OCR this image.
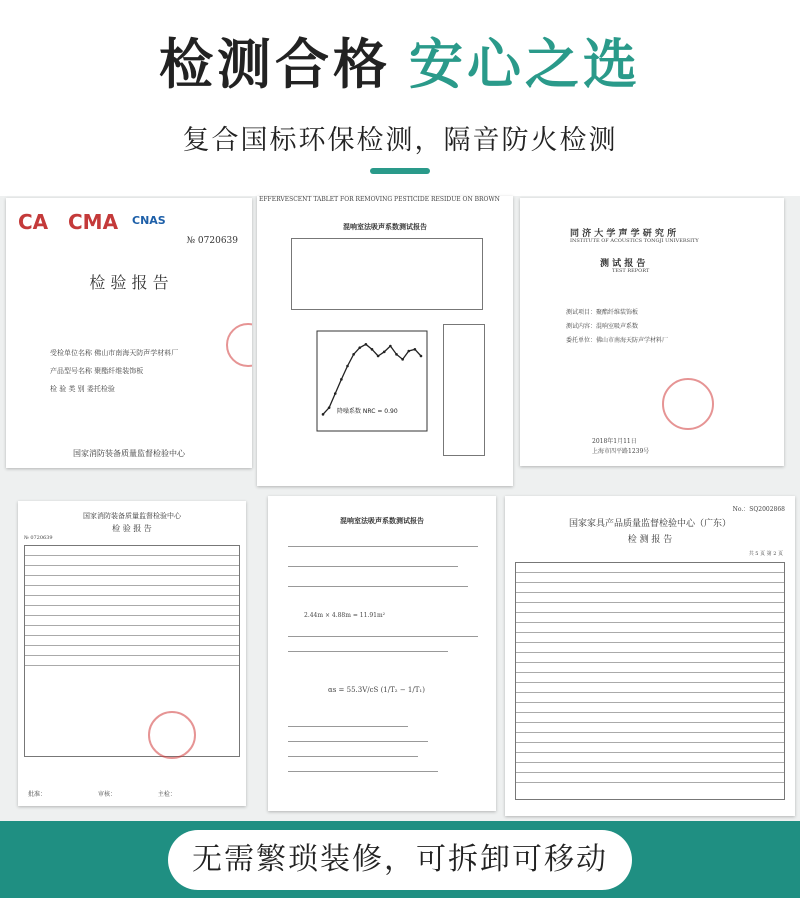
检测合格 安心之选
复合国标环保检测，隔音防火检测
CA CMA CNAS
№ 0720639
检 验 报 告
受检单位名称 佛山市南海天防声学材料厂
产品型号名称 聚酯纤维装饰板
检 验 类 别 委托检验
国家消防装备质量监督检验中心
EFFERVESCENT TABLET FOR REMOVING PESTICIDE RESIDUE ON BROWN
混响室法吸声系数测试报告
降噪系数 NRC = 0.90
同 济 大 学 声 学 研 究 所
INSTITUTE OF ACOUSTICS TONGJI UNIVERSITY
测 试 报 告
TEST REPORT
测试项目：聚酯纤维装饰板
测试内容：混响室吸声系数
委托单位：佛山市南海天防声学材料厂
2018年1月11日
上海市四平路1239号
国家消防装备质量监督检验中心
检 验 报 告
№ 0720639
批准：	审核：	主检：
混响室法吸声系数测试报告
2.44m × 4.88m = 11.91m²
αs = 55.3V/cS (1/T₂ − 1/T₁)
No.：SQ2002868
国家家具产品质量监督检验中心（广东）
检 测 报 告
共 5 页 第 2 页
无需繁琐装修，可拆卸可移动
